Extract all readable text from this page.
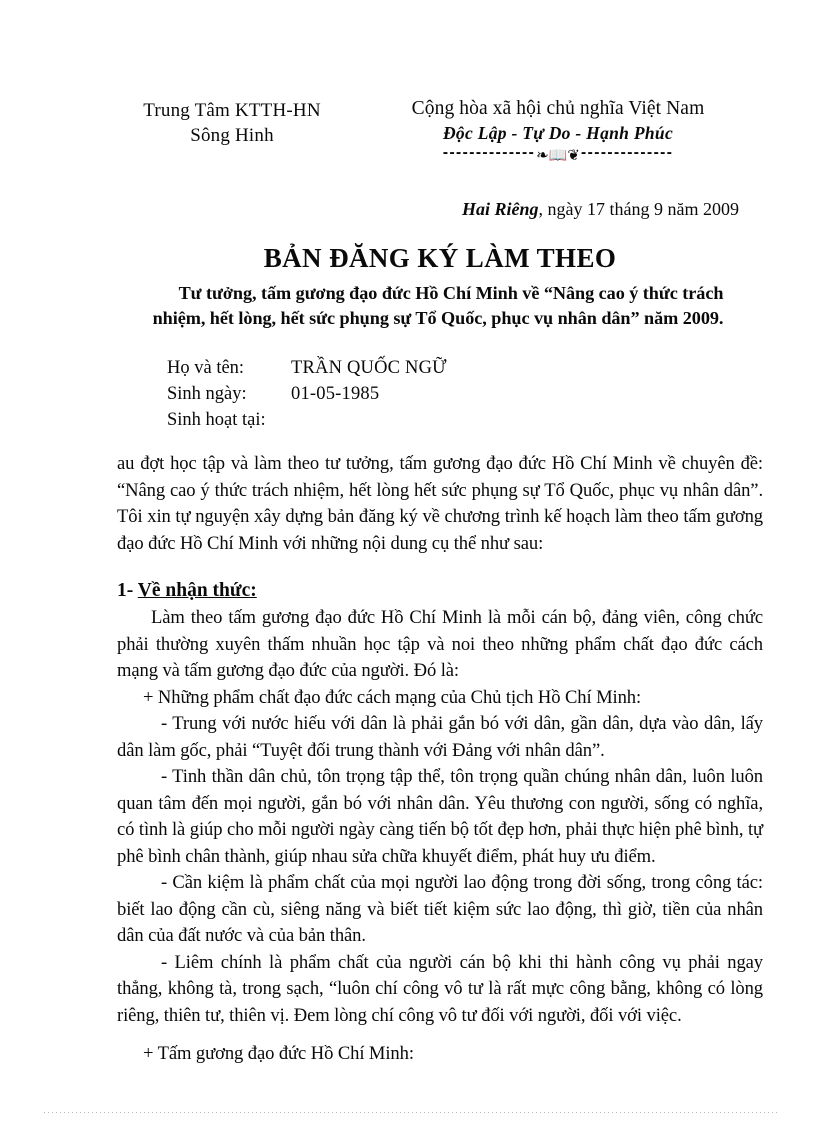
Trung Tâm KTTH-HN
Sông Hinh
Cộng hòa xã hội chủ nghĩa Việt Nam
Độc Lập - Tự Do - Hạnh Phúc
--------------❧📖❦--------------
Hai Riêng, ngày 17 tháng 9 năm 2009
BẢN ĐĂNG KÝ LÀM THEO
Tư tưởng, tấm gương đạo đức Hồ Chí Minh về “Nâng cao ý thức trách
nhiệm, hết lòng, hết sức phụng sự Tổ Quốc, phục vụ nhân dân” năm 2009.
Họ và tên:	TRẦN QUỐC NGỮ
Sinh ngày:	01-05-1985
Sinh hoạt tại:
au đợt học tập và làm theo tư tưởng, tấm gương đạo đức Hồ Chí Minh về chuyên đề: “Nâng cao ý thức trách nhiệm, hết lòng hết sức phụng sự Tổ Quốc, phục vụ nhân dân”. Tôi xin tự nguyện xây dựng bản đăng ký về chương trình kế hoạch làm theo tấm gương đạo đức Hồ Chí Minh với những nội dung cụ thể như sau:
1- Về nhận thức:
Làm theo tấm gương đạo đức Hồ Chí Minh là mỗi cán bộ, đảng viên, công chức phải thường xuyên thấm nhuần học tập và noi theo những phẩm chất đạo đức cách mạng và tấm gương đạo đức của người. Đó là:
+ Những phẩm chất đạo đức cách mạng của Chủ tịch Hồ Chí Minh:
- Trung với nước hiếu với dân là phải gắn bó với dân, gần dân, dựa vào dân, lấy dân làm gốc, phải “Tuyệt đối trung thành với Đảng với nhân dân”.
- Tinh thần dân chủ, tôn trọng tập thể, tôn trọng quần chúng nhân dân, luôn luôn quan tâm đến mọi người, gắn bó với nhân dân. Yêu thương con người, sống có nghĩa, có tình là giúp cho mỗi người ngày càng tiến bộ tốt đẹp hơn, phải thực hiện phê bình, tự phê bình chân thành, giúp nhau sửa chữa khuyết điểm, phát huy ưu điểm.
- Cần kiệm là phẩm chất của mọi người lao động trong đời sống, trong công tác: biết lao động cần cù, siêng năng và biết tiết kiệm sức lao động, thì giờ, tiền của nhân dân của đất nước và của bản thân.
- Liêm chính là phẩm chất của người cán bộ khi thi hành công vụ phải ngay thẳng, không tà, trong sạch, “luôn chí công vô tư là rất mực công bằng, không có lòng riêng, thiên tư, thiên vị. Đem lòng chí công vô tư đối với người, đối với việc.
+ Tấm gương đạo đức Hồ Chí Minh:
